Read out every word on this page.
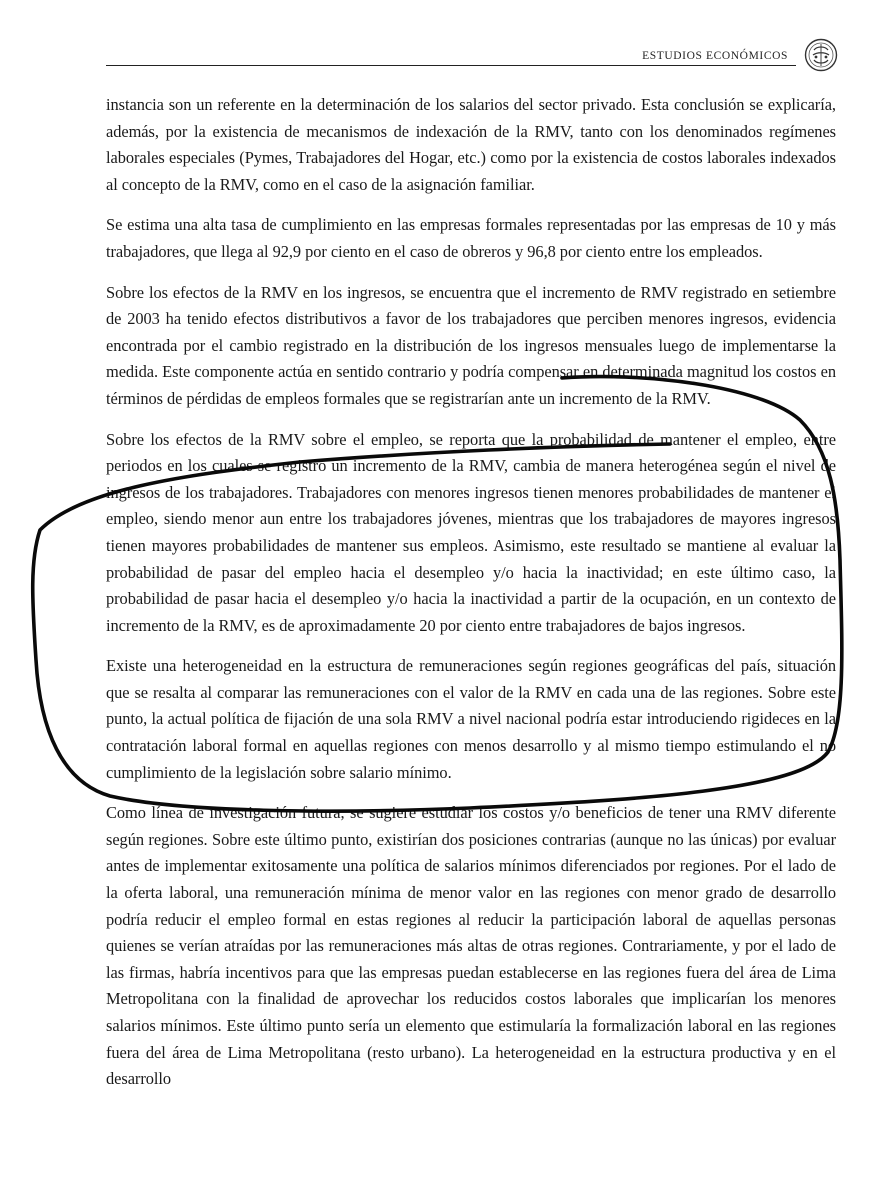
ESTUDIOS ECONÓMICOS

instancia son un referente en la determinación de los salarios del sector privado. Esta conclusión se explicaría, además, por la existencia de mecanismos de indexación de la RMV, tanto con los denominados regímenes laborales especiales (Pymes, Trabajadores del Hogar, etc.) como por la existencia de costos laborales indexados al concepto de la RMV, como en el caso de la asignación familiar.

Se estima una alta tasa de cumplimiento en las empresas formales representadas por las empresas de 10 y más trabajadores, que llega al 92,9 por ciento en el caso de obreros y 96,8 por ciento entre los empleados.

Sobre los efectos de la RMV en los ingresos, se encuentra que el incremento de RMV registrado en setiembre de 2003 ha tenido efectos distributivos a favor de los trabajadores que perciben menores ingresos, evidencia encontrada por el cambio registrado en la distribución de los ingresos mensuales luego de implementarse la medida. Este componente actúa en sentido contrario y podría compensar en determinada magnitud los costos en términos de pérdidas de empleos formales que se registrarían ante un incremento de la RMV.

Sobre los efectos de la RMV sobre el empleo, se reporta que la probabilidad de mantener el empleo, entre periodos en los cuales se registró un incremento de la RMV, cambia de manera heterogénea según el nivel de ingresos de los trabajadores. Trabajadores con menores ingresos tienen menores probabilidades de mantener el empleo, siendo menor aun entre los trabajadores jóvenes, mientras que los trabajadores de mayores ingresos tienen mayores probabilidades de mantener sus empleos. Asimismo, este resultado se mantiene al evaluar la probabilidad de pasar del empleo hacia el desempleo y/o hacia la inactividad; en este último caso, la probabilidad de pasar hacia el desempleo y/o hacia la inactividad a partir de la ocupación, en un contexto de incremento de la RMV, es de aproximadamente 20 por ciento entre trabajadores de bajos ingresos.

Existe una heterogeneidad en la estructura de remuneraciones según regiones geográficas del país, situación que se resalta al comparar las remuneraciones con el valor de la RMV en cada una de las regiones. Sobre este punto, la actual política de fijación de una sola RMV a nivel nacional podría estar introduciendo rigideces en la contratación laboral formal en aquellas regiones con menos desarrollo y al mismo tiempo estimulando el no cumplimiento de la legislación sobre salario mínimo.

Como línea de investigación futura, se sugiere estudiar los costos y/o beneficios de tener una RMV diferente según regiones. Sobre este último punto, existirían dos posiciones contrarias (aunque no las únicas) por evaluar antes de implementar exitosamente una política de salarios mínimos diferenciados por regiones. Por el lado de la oferta laboral, una remuneración mínima de menor valor en las regiones con menor grado de desarrollo podría reducir el empleo formal en estas regiones al reducir la participación laboral de aquellas personas quienes se verían atraídas por las remuneraciones más altas de otras regiones. Contrariamente, y por el lado de las firmas, habría incentivos para que las empresas puedan establecerse en las regiones fuera del área de Lima Metropolitana con la finalidad de aprovechar los reducidos costos laborales que implicarían los menores salarios mínimos. Este último punto sería un elemento que estimularía la formalización laboral en las regiones fuera del área de Lima Metropolitana (resto urbano). La heterogeneidad en la estructura productiva y en el desarrollo
